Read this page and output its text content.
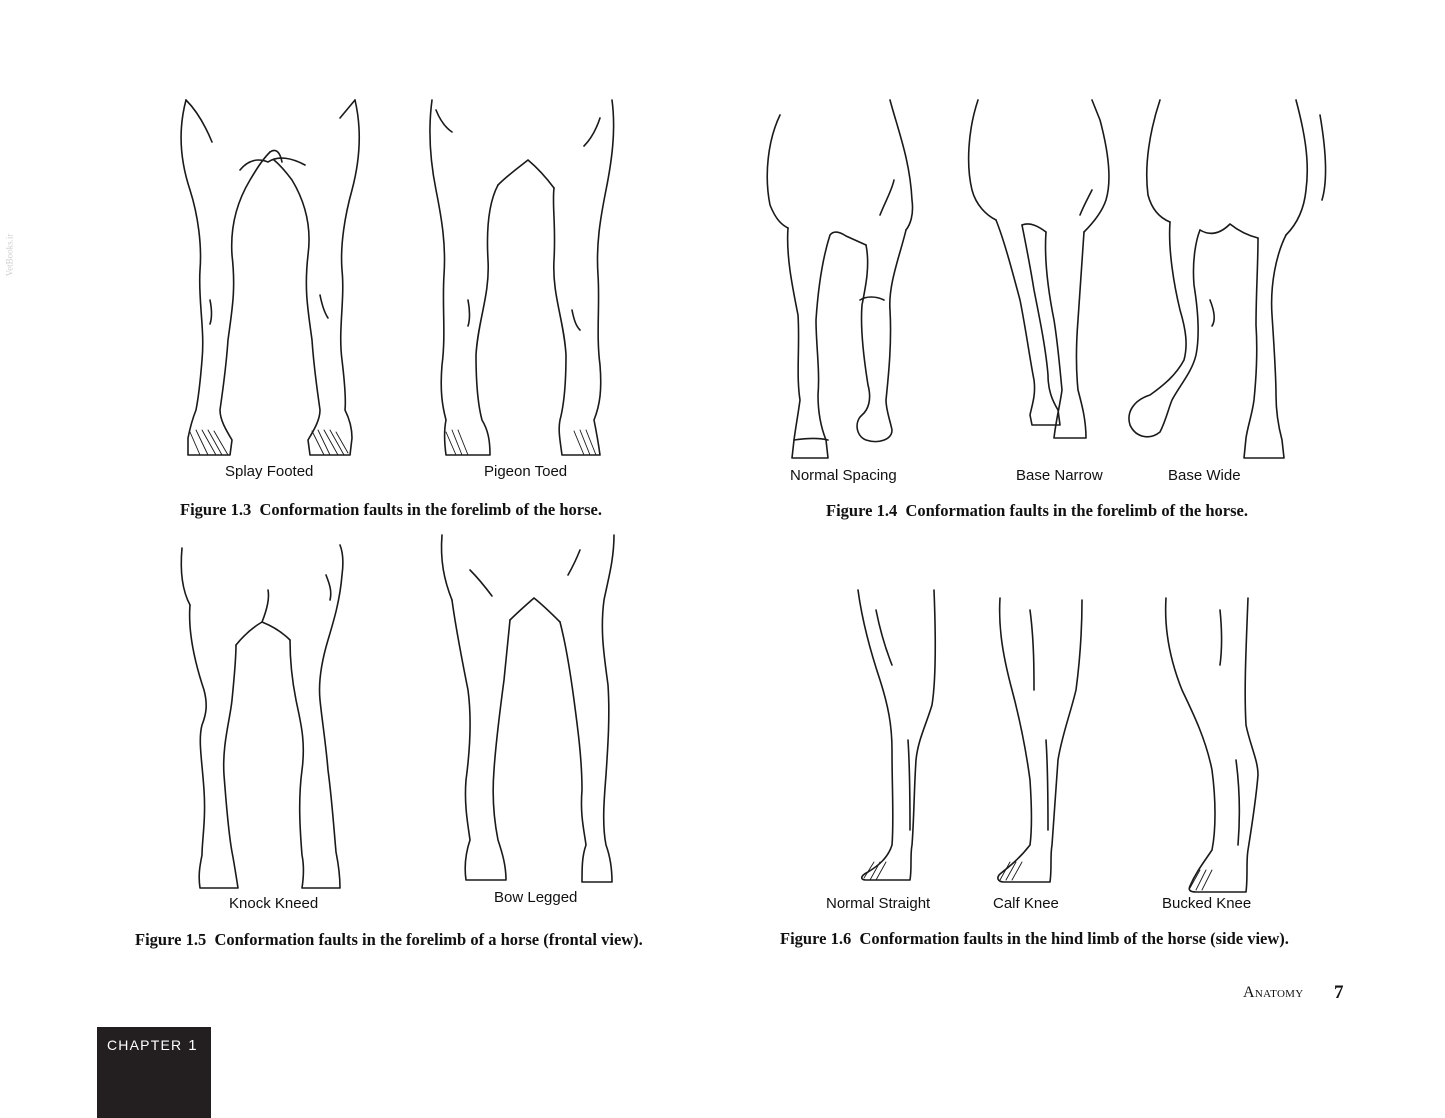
Splay Footed	Pigeon Toed
Figure 1.3 Conformation faults in the forelimb of the horse.
Normal Spacing	Base Narrow	Base Wide
Figure 1.4 Conformation faults in the forelimb of the horse.
Knock Kneed	Bow Legged
Figure 1.5 Conformation faults in the forelimb of a horse (frontal view).
Normal Straight	Calf Knee	Bucked Knee
Figure 1.6 Conformation faults in the hind limb of the horse (side view).
Anatomy 7
CHAPTER 1
VetBooks.ir
